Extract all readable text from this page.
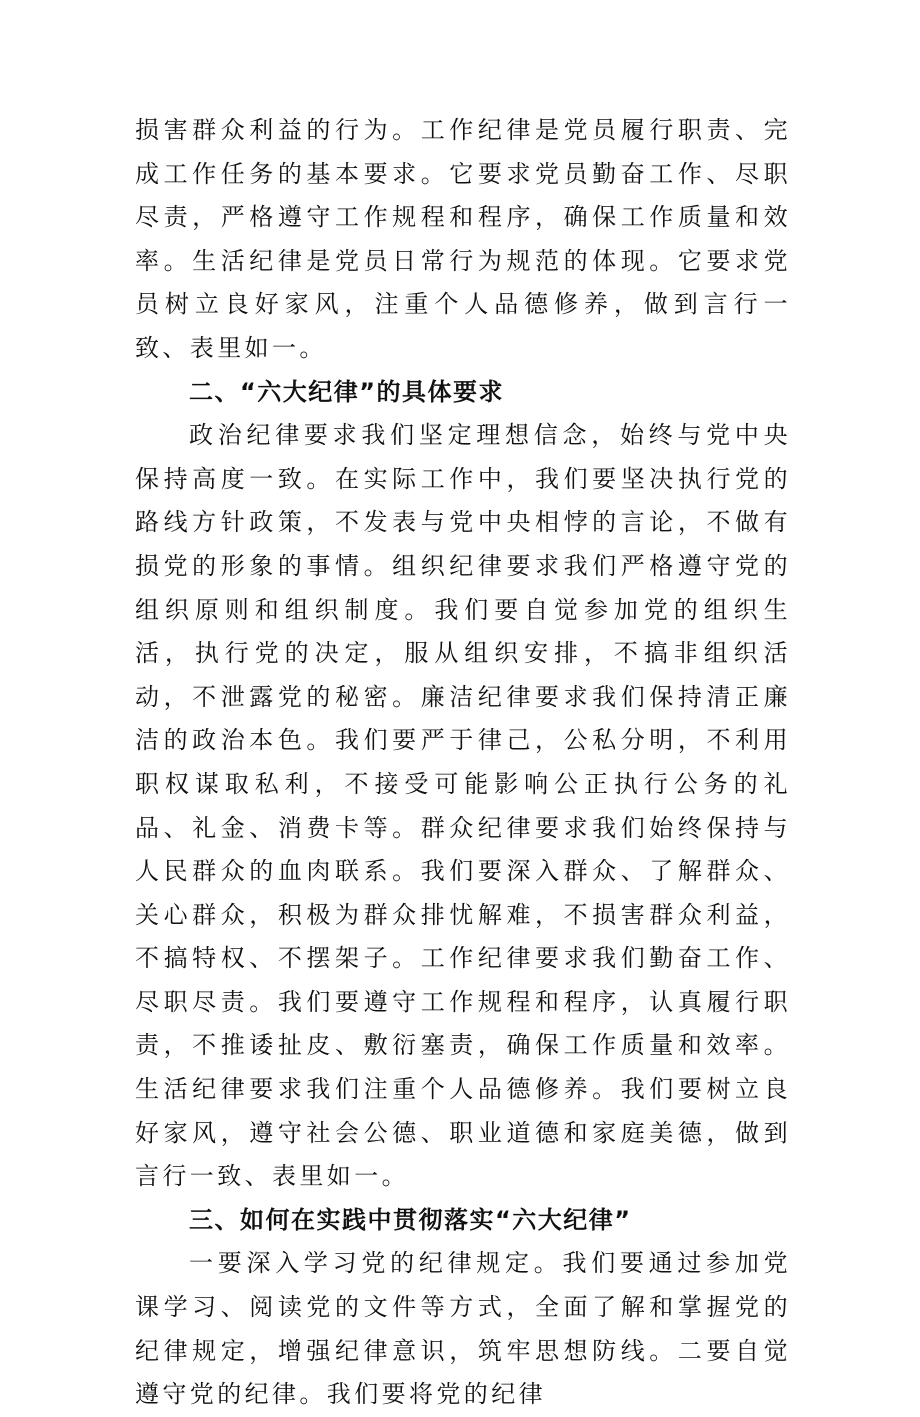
损害群众利益的行为。工作纪律是党员履行职责、完成工作任务的基本要求。它要求党员勤奋工作、尽职尽责，严格遵守工作规程和程序，确保工作质量和效率。生活纪律是党员日常行为规范的体现。它要求党员树立良好家风，注重个人品德修养，做到言行一致、表里如一。

二、“六大纪律”的具体要求

政治纪律要求我们坚定理想信念，始终与党中央保持高度一致。在实际工作中，我们要坚决执行党的路线方针政策，不发表与党中央相悖的言论，不做有损党的形象的事情。组织纪律要求我们严格遵守党的组织原则和组织制度。我们要自觉参加党的组织生活，执行党的决定，服从组织安排，不搞非组织活动，不泄露党的秘密。廉洁纪律要求我们保持清正廉洁的政治本色。我们要严于律己，公私分明，不利用职权谋取私利，不接受可能影响公正执行公务的礼品、礼金、消费卡等。群众纪律要求我们始终保持与人民群众的血肉联系。我们要深入群众、了解群众、关心群众，积极为群众排忧解难，不损害群众利益，不搞特权、不摆架子。工作纪律要求我们勤奋工作、尽职尽责。我们要遵守工作规程和程序，认真履行职责，不推诿扯皮、敷衍塞责，确保工作质量和效率。生活纪律要求我们注重个人品德修养。我们要树立良好家风，遵守社会公德、职业道德和家庭美德，做到言行一致、表里如一。

三、如何在实践中贯彻落实“六大纪律”

一要深入学习党的纪律规定。我们要通过参加党课学习、阅读党的文件等方式，全面了解和掌握党的纪律规定，增强纪律意识，筑牢思想防线。二要自觉遵守党的纪律。我们要将党的纪律
